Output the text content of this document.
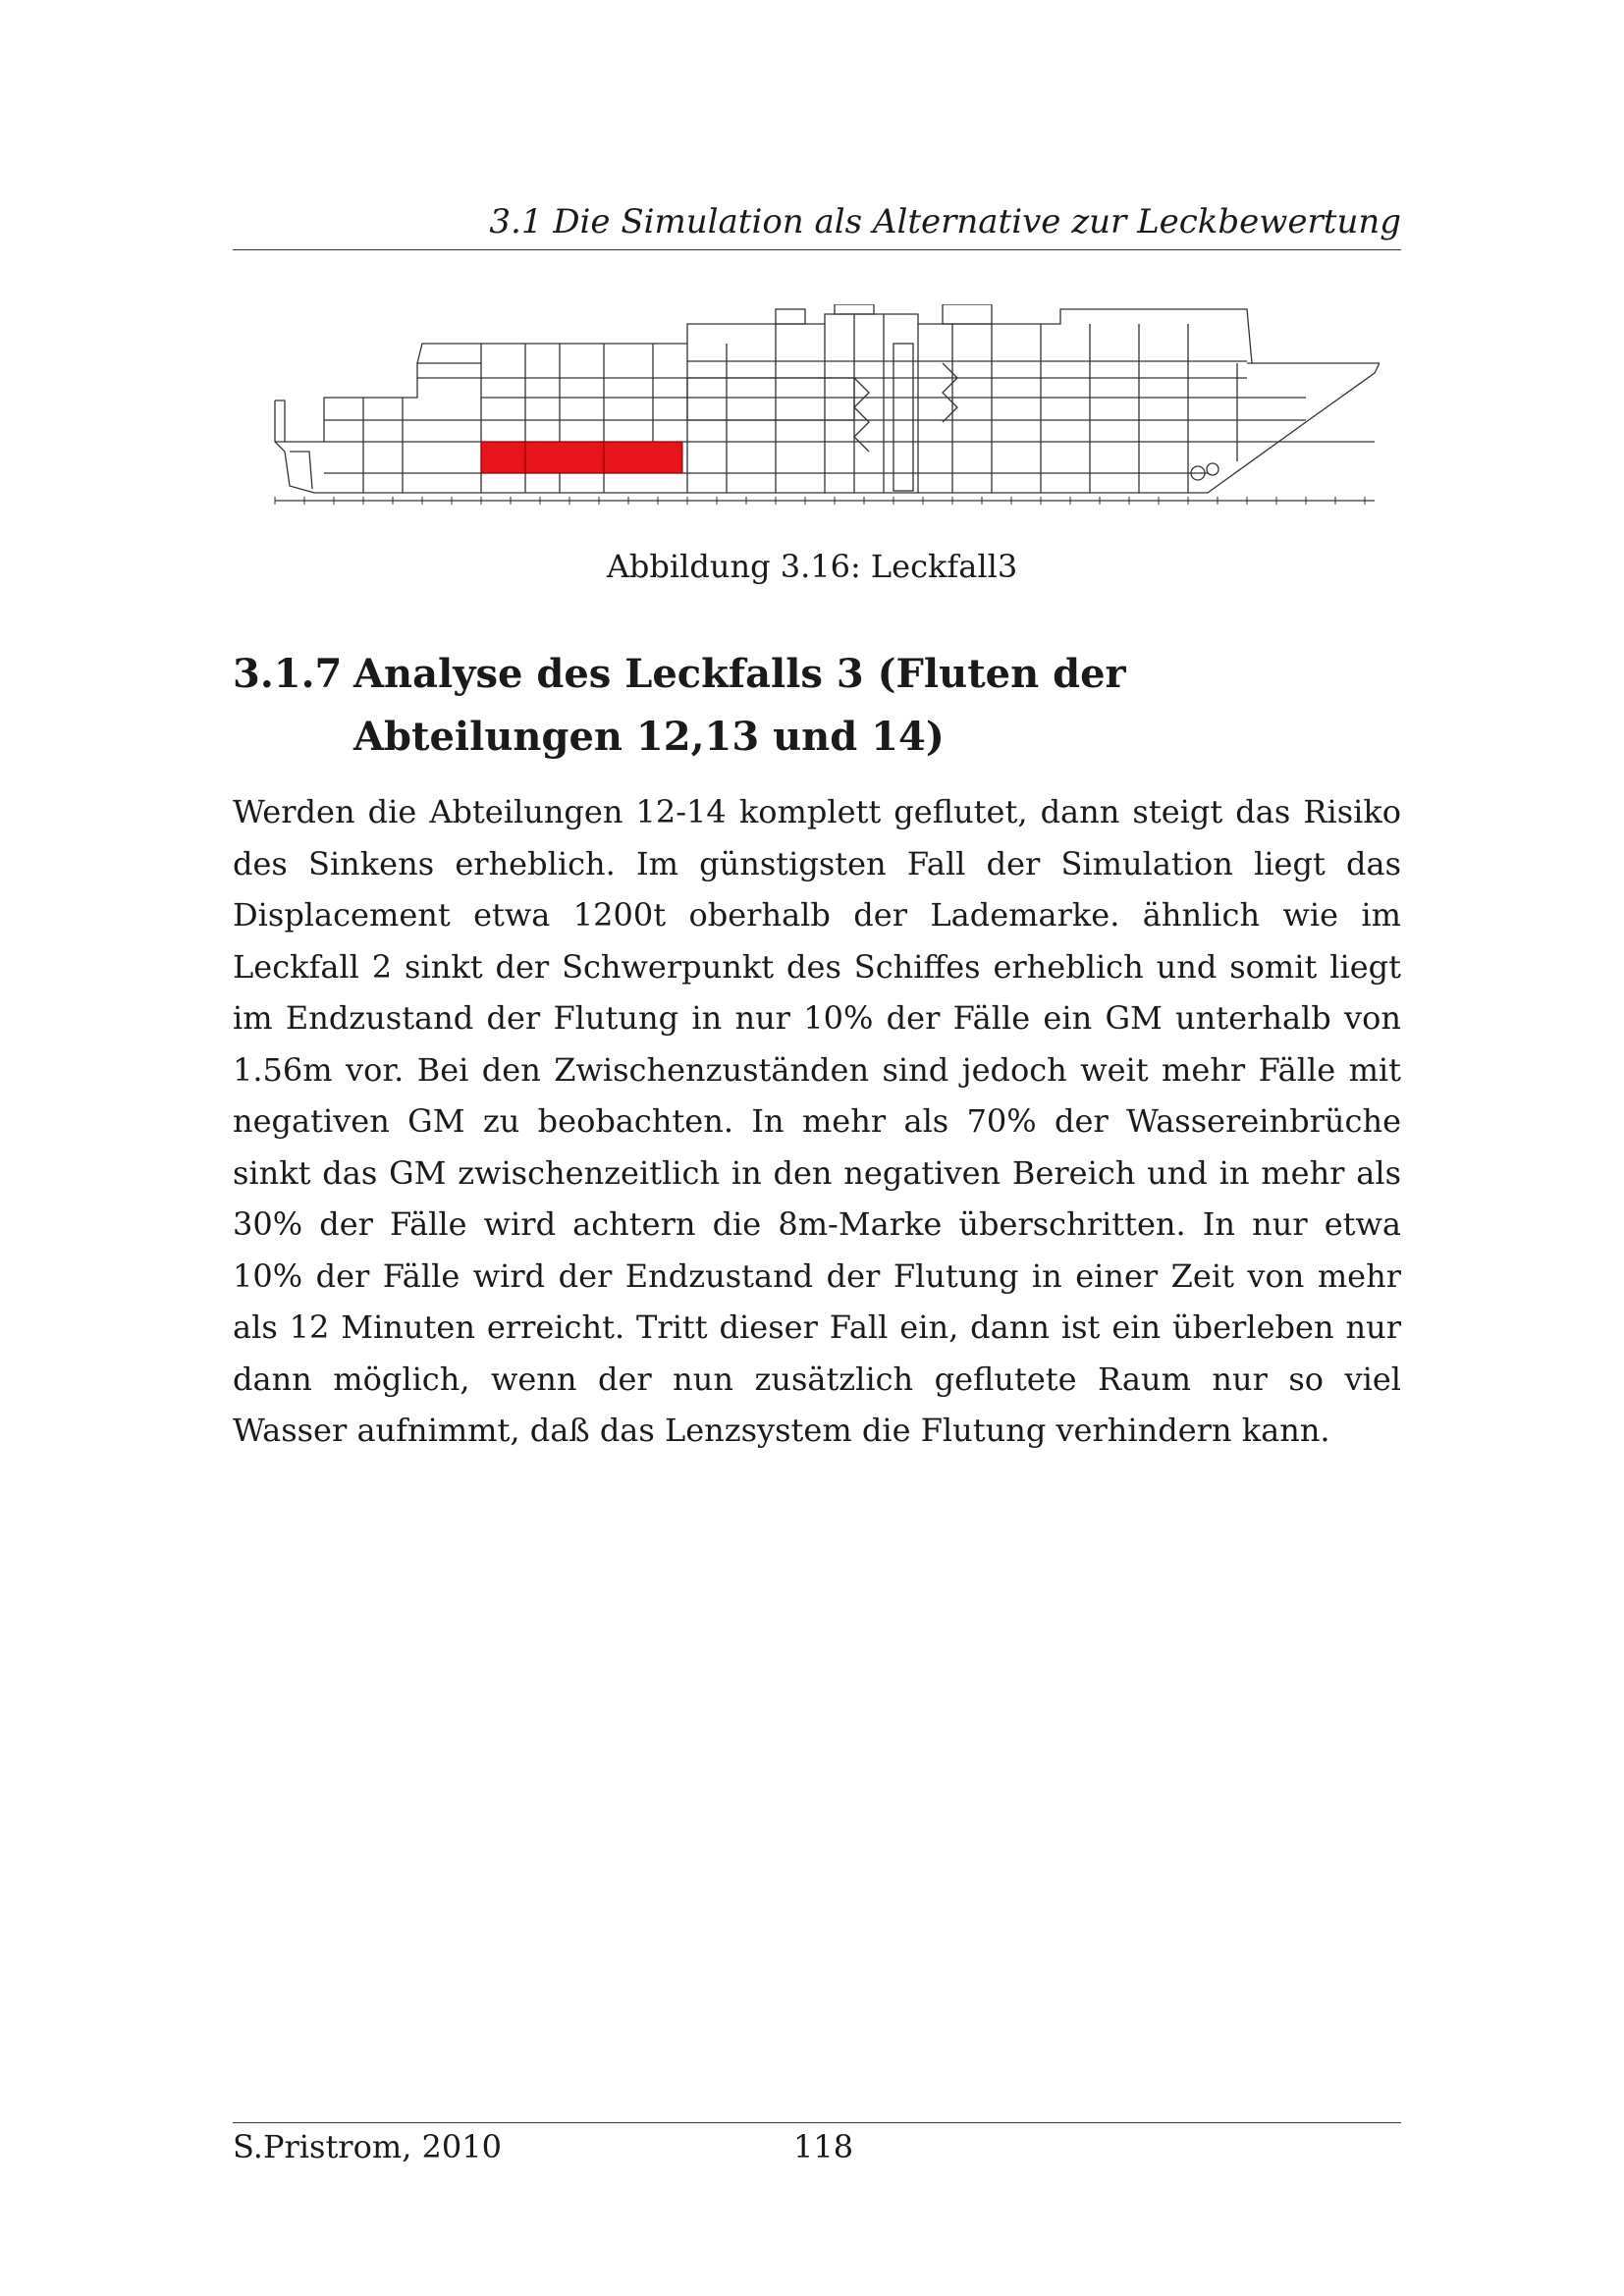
3.1 Die Simulation als Alternative zur Leckbewertung
Abbildung 3.16: Leckfall3
3.1.7 Analyse des Leckfalls 3 (Fluten der Abteilungen 12,13 und 14)
Werden die Abteilungen 12-14 komplett geflutet, dann steigt das Risiko des Sinkens erheblich. Im günstigsten Fall der Simulation liegt das Displacement etwa 1200t oberhalb der Lademarke. ähnlich wie im Leckfall 2 sinkt der Schwerpunkt des Schiffes erheblich und somit liegt im Endzustand der Flutung in nur 10% der Fälle ein GM unterhalb von 1.56m vor. Bei den Zwischenzuständen sind jedoch weit mehr Fälle mit negativen GM zu beobachten. In mehr als 70% der Wassereinbrüche sinkt das GM zwischenzeitlich in den negativen Bereich und in mehr als 30% der Fälle wird achtern die 8m-Marke überschritten. In nur etwa 10% der Fälle wird der Endzustand der Flutung in einer Zeit von mehr als 12 Minuten erreicht. Tritt dieser Fall ein, dann ist ein überleben nur dann möglich, wenn der nun zusätzlich geflutete Raum nur so viel Wasser aufnimmt, daß das Lenzsystem die Flutung verhindern kann.
S.Pristrom, 2010	118
